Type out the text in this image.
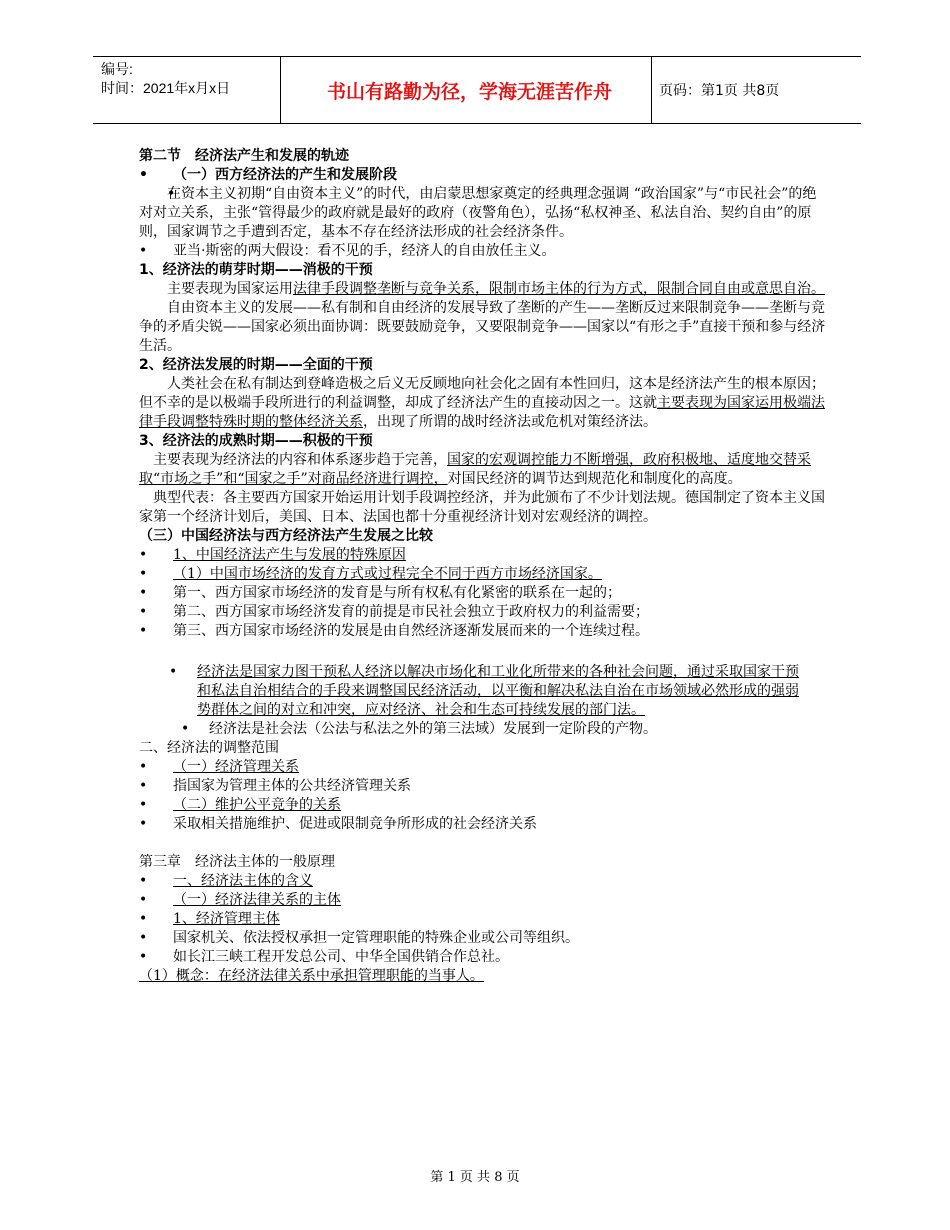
编号:
时间：2021年x月x日	书山有路勤为径，学海无涯苦作舟	页码：第1页 共8页

第二节　经济法产生和发展的轨迹

• （一）西方经济法的产生和发展阶段

• 在资本主义初期“自由资本主义”的时代，由启蒙思想家奠定的经典理念强调 “政治国家”与“市民社会”的绝对对立关系，主张“管得最少的政府就是最好的政府（夜警角色），弘扬“私权神圣、私法自治、契约自由”的原则，国家调节之手遭到否定，基本不存在经济法形成的社会经济条件。

• 亚当·斯密的两大假设：看不见的手，经济人的自由放任主义。

1、经济法的萌芽时期——消极的干预

主要表现为国家运用法律手段调整垄断与竞争关系，限制市场主体的行为方式，限制合同自由或意思自治。

自由资本主义的发展——私有制和自由经济的发展导致了垄断的产生——垄断反过来限制竞争——垄断与竞争的矛盾尖锐——国家必须出面协调：既要鼓励竞争，又要限制竞争——国家以“有形之手”直接干预和参与经济生活。

2、经济法发展的时期——全面的干预

人类社会在私有制达到登峰造极之后义无反顾地向社会化之固有本性回归，这本是经济法产生的根本原因；但不幸的是以极端手段所进行的利益调整，却成了经济法产生的直接动因之一。这就主要表现为国家运用极端法律手段调整特殊时期的整体经济关系，出现了所谓的战时经济法或危机对策经济法。

3、经济法的成熟时期——积极的干预

主要表现为经济法的内容和体系逐步趋于完善，国家的宏观调控能力不断增强，政府积极地、适度地交替采取“市场之手”和“国家之手”对商品经济进行调控，对国民经济的调节达到规范化和制度化的高度。

典型代表：各主要西方国家开始运用计划手段调控经济，并为此颁布了不少计划法规。德国制定了资本主义国家第一个经济计划后，美国、日本、法国也都十分重视经济计划对宏观经济的调控。

（三）中国经济法与西方经济法产生发展之比较

• 1、中国经济法产生与发展的特殊原因

• （1）中国市场经济的发育方式或过程完全不同于西方市场经济国家。

• 第一、西方国家市场经济的发育是与所有权私有化紧密的联系在一起的；

• 第二、西方国家市场经济发育的前提是市民社会独立于政府权力的利益需要；

• 第三、西方国家市场经济的发展是由自然经济逐渐发展而来的一个连续过程。

• 经济法是国家力图干预私人经济以解决市场化和工业化所带来的各种社会问题，通过采取国家干预和私法自治相结合的手段来调整国民经济活动，以平衡和解决私法自治在市场领域必然形成的强弱势群体之间的对立和冲突，应对经济、社会和生态可持续发展的部门法。

• 经济法是社会法（公法与私法之外的第三法域）发展到一定阶段的产物。

二、经济法的调整范围

• （一）经济管理关系

• 指国家为管理主体的公共经济管理关系

• （二）维护公平竞争的关系

• 采取相关措施维护、促进或限制竞争所形成的社会经济关系

第三章　经济法主体的一般原理

• 一、经济法主体的含义

• （一）经济法律关系的主体

• 1、经济管理主体

• 国家机关、依法授权承担一定管理职能的特殊企业或公司等组织。

• 如长江三峡工程开发总公司、中华全国供销合作总社。

（1）概念：在经济法律关系中承担管理职能的当事人。

第 1 页 共 8 页
